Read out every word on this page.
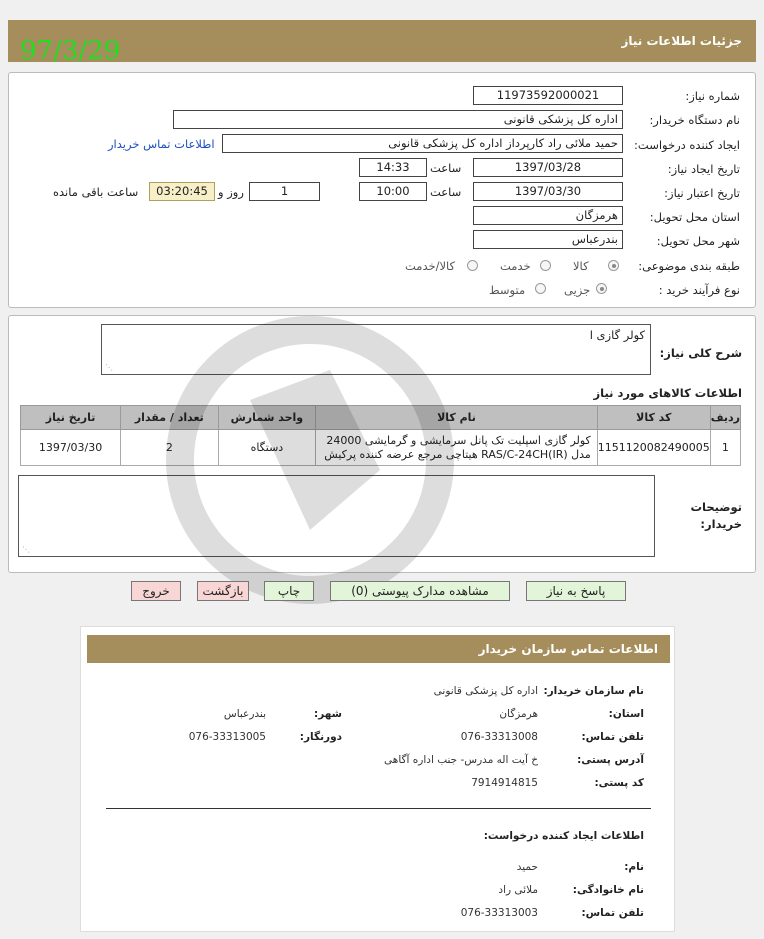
97/3/29	جزئیات اطلاعات نیاز
شماره نیاز:
11973592000021
نام دستگاه خریدار:
اداره کل پزشکی قانونی
ایجاد کننده درخواست:
حمید ملائی راد کارپرداز اداره کل پزشکی قانونی
اطلاعات تماس خریدار
تاریخ ایجاد نیاز:
1397/03/28
ساعت
14:33
تاریخ اعتبار نیاز:
1397/03/30
ساعت
10:00
1
روز و
03:20:45
ساعت باقی مانده
استان محل تحویل:
هرمزگان
شهر محل تحویل:
بندرعباس
طبقه بندی موضوعی:
کالا
خدمت
کالا/خدمت
نوع فرآیند خرید :
جزیی
متوسط
شرح کلی نیاز:
کولر گازی ا
⋰
اطلاعات کالاهای مورد نیاز
ردیف	کد کالا	نام کالا	واحد شمارش	تعداد / مقدار	تاریخ نیاز
1	1151120082490005	کولر گازی اسپلیت تک پانل سرمایشی و گرمایشی 24000
مدل RAS/C-24CH(IR) هیتاچی مرجع عرضه کننده پرکیش	دستگاه	2	1397/03/30
توضیحات
خریدار:
⋰
پاسخ به نیاز
مشاهده مدارک پیوستی (0)
چاپ
بازگشت
خروج
اطلاعات تماس سازمان خریدار
نام سازمان خریدار:
اداره کل پزشکی قانونی
استان:
هرمزگان
شهر:
بندرعباس
تلفن تماس:
076-33313008
دورنگار:
076-33313005
آدرس پستی:
خ آیت اله مدرس- جنب اداره آگاهی
کد پستی:
7914914815
اطلاعات ایجاد کننده درخواست:
نام:
حمید
نام خانوادگی:
ملائی راد
تلفن تماس:
076-33313003
